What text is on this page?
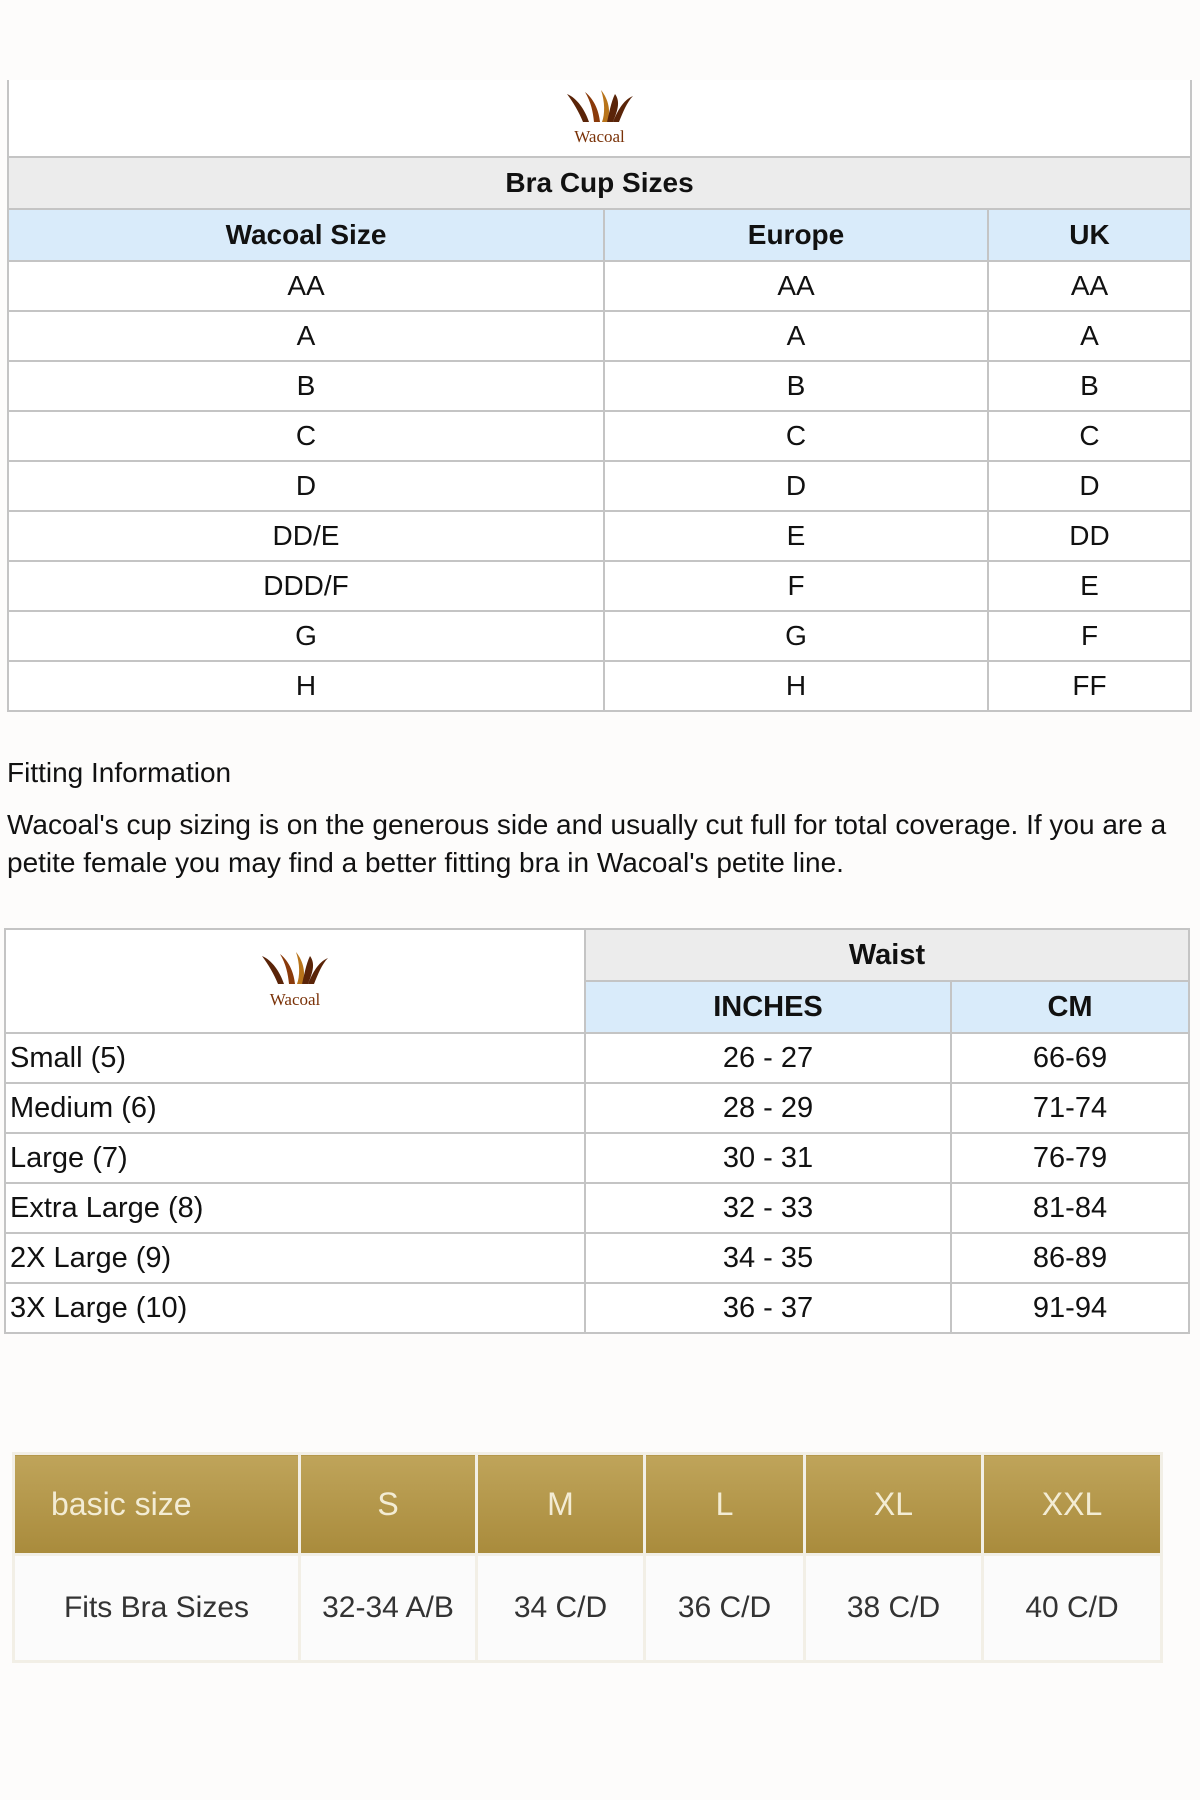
Wacoal		

Bra Cup Sizes		
Wacoal Size	Europe	UK
AA	AA	AA
A	A	A
B	B	B
C	C	C
D	D	D
DD/E	E	DD
DDD/F	F	E
G	G	F
H	H	FF
Fitting Information

Wacoal's cup sizing is on the generous side and usually cut full for total coverage. If you are a petite female you may find a better fitting bra in Wacoal's petite line.

Wacoal	Waist	
	INCHES	CM
Small (5)	26 - 27	66-69
Medium (6)	28 - 29	71-74
Large (7)	30 - 31	76-79
Extra Large (8)	32 - 33	81-84
2X Large (9)	34 - 35	86-89
3X Large (10)	36 - 37	91-94
basic size	S	M	L	XL	XXL
Fits Bra Sizes	32-34 A/B	34 C/D	36 C/D	38 C/D	40 C/D
